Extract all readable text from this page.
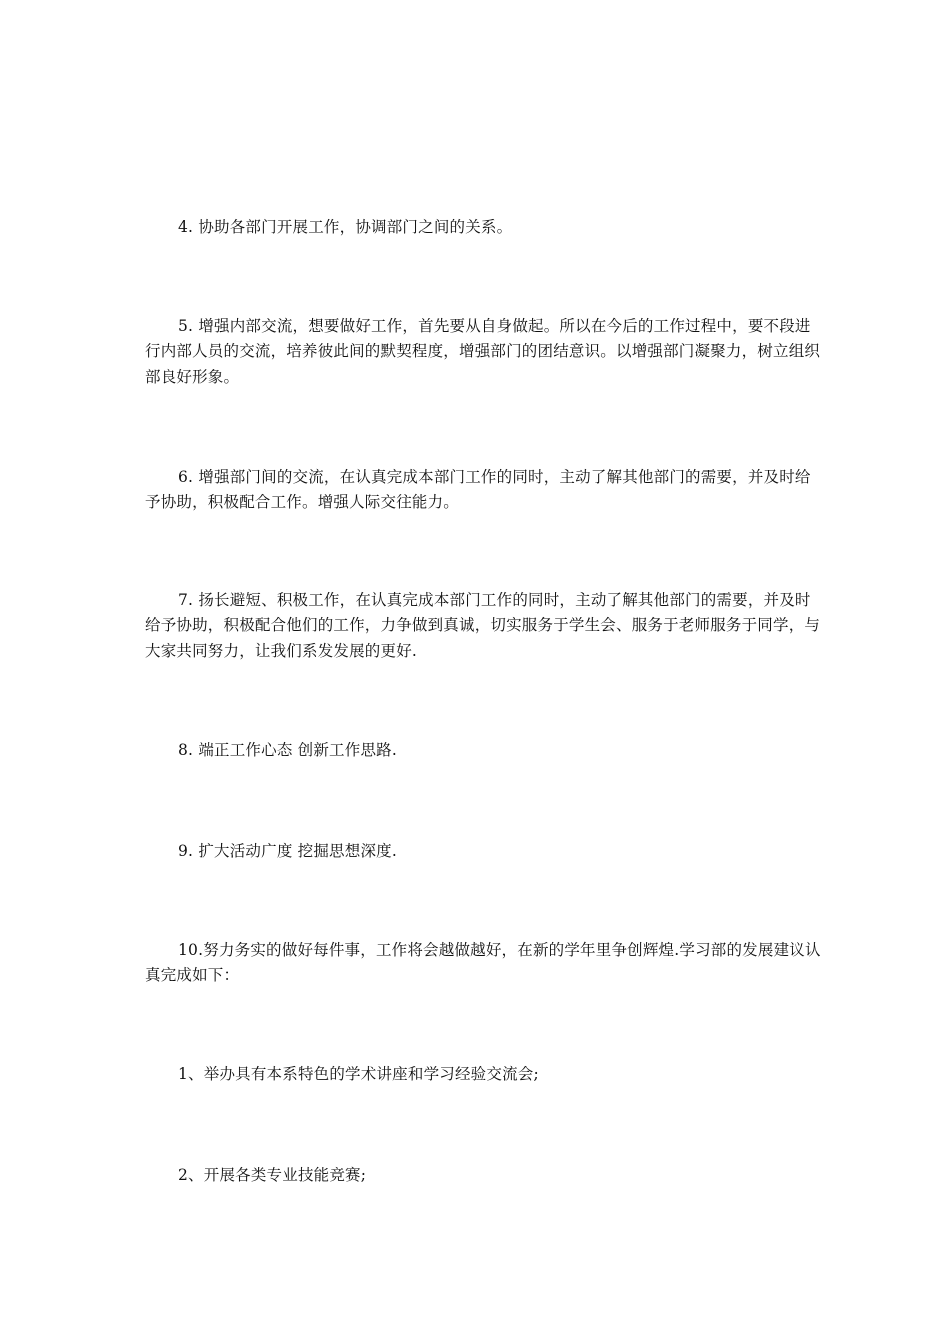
4. 协助各部门开展工作，协调部门之间的关系。

5. 增强内部交流，想要做好工作，首先要从自身做起。所以在今后的工作过程中，要不段进行内部人员的交流，培养彼此间的默契程度，增强部门的团结意识。以增强部门凝聚力，树立组织部良好形象。

6. 增强部门间的交流，在认真完成本部门工作的同时，主动了解其他部门的需要，并及时给予协助，积极配合工作。增强人际交往能力。

7. 扬长避短、积极工作，在认真完成本部门工作的同时，主动了解其他部门的需要，并及时给予协助，积极配合他们的工作，力争做到真诚，切实服务于学生会、服务于老师服务于同学，与大家共同努力，让我们系发发展的更好.

8. 端正工作心态 创新工作思路.

9. 扩大活动广度 挖掘思想深度.

10.努力务实的做好每件事，工作将会越做越好，在新的学年里争创辉煌.学习部的发展建议认真完成如下：

1、举办具有本系特色的学术讲座和学习经验交流会;

2、开展各类专业技能竞赛;
